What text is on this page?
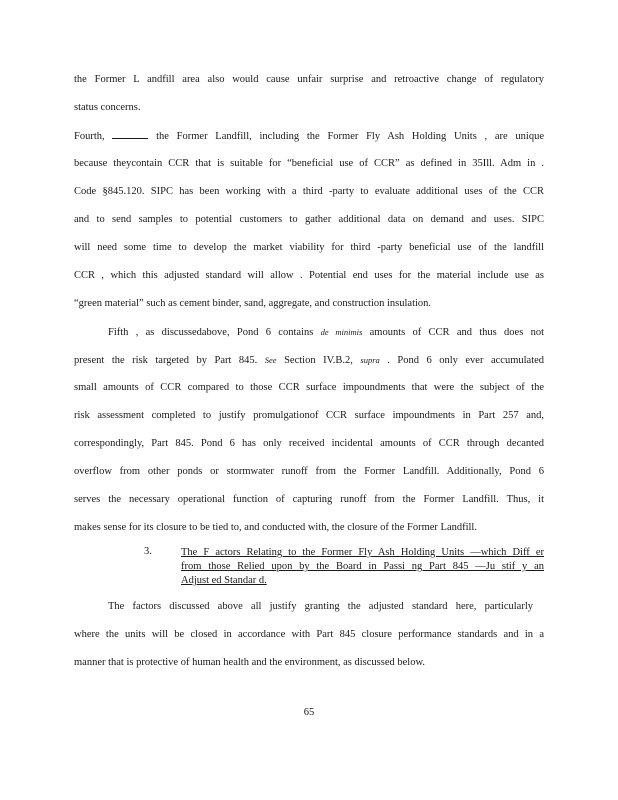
the Former L andfill area also would cause unfair surprise and retroactive change of regulatory
status concerns.
Fourth,	the Former Landfill, including the Former Fly Ash Holding Units , are unique
because theycontain CCR that is suitable for “beneficial use of CCR” as defined in 35Ill. Adm in .
Code §845.120. SIPC has been working with a third -party to evaluate additional uses of the CCR
and to send samples to potential customers to gather additional data on demand and uses. SIPC
will need some time to develop the market viability for third -party beneficial use of the landfill
CCR , which this adjusted standard will allow . Potential end uses for the material include use as
“green material” such as cement binder, sand, aggregate, and construction insulation.
Fifth , as discussedabove, Pond 6 contains de minimis amounts of CCR and thus does not
present the risk targeted by Part 845. See Section IV.B.2, supra . Pond 6 only ever accumulated
small amounts of CCR compared to those CCR surface impoundments that were the subject of the
risk assessment completed to justify promulgationof CCR surface impoundments in Part 257 and,
correspondingly, Part 845. Pond 6 has only received incidental amounts of CCR through decanted
overflow from other ponds or stormwater runoff from the Former Landfill. Additionally, Pond 6
serves the necessary operational function of capturing runoff from the Former Landfill. Thus, it
makes sense for its closure to be tied to, and conducted with, the closure of the Former Landfill.
3.	The F actors Relating to the Former Fly Ash Holding Units —which Diff er
from those Relied upon by the Board in Passi ng Part 845 —Ju stif y an
Adjust ed Standar d.
The factors discussed above all justify granting the adjusted standard here, particularly
where the units will be closed in accordance with Part 845 closure performance standards and in a
manner that is protective of human health and the environment, as discussed below.
65
